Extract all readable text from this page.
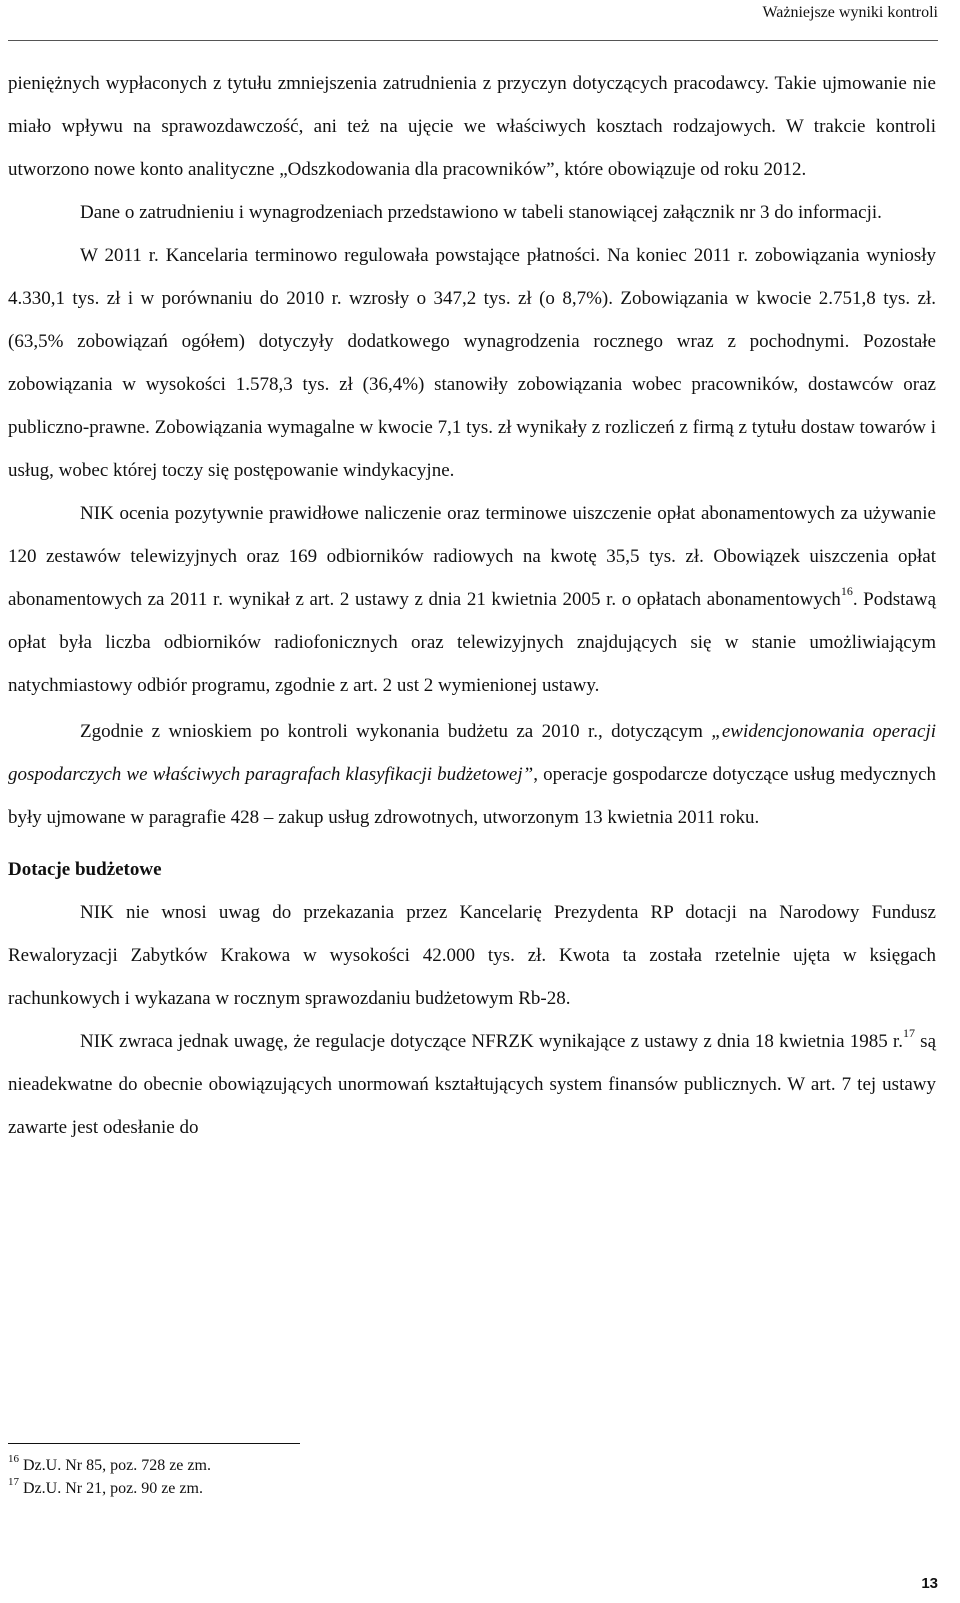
Ważniejsze wyniki kontroli

pieniężnych wypłaconych z tytułu zmniejszenia zatrudnienia z przyczyn dotyczących pracodawcy. Takie ujmowanie nie miało wpływu na sprawozdawczość, ani też na ujęcie we właściwych kosztach rodzajowych. W trakcie kontroli utworzono nowe konto analityczne „Odszkodowania dla pracowników”, które obowiązuje od roku 2012.

Dane o zatrudnieniu i wynagrodzeniach przedstawiono w tabeli stanowiącej załącznik nr 3 do informacji.

W 2011 r. Kancelaria terminowo regulowała powstające płatności. Na koniec 2011 r. zobowiązania wyniosły 4.330,1 tys. zł i w porównaniu do 2010 r. wzrosły o 347,2 tys. zł (o 8,7%). Zobowiązania w kwocie 2.751,8 tys. zł. (63,5% zobowiązań ogółem) dotyczyły dodatkowego wynagrodzenia rocznego wraz z pochodnymi. Pozostałe zobowiązania w wysokości 1.578,3 tys. zł (36,4%) stanowiły zobowiązania wobec pracowników, dostawców oraz publiczno-prawne. Zobowiązania wymagalne w kwocie 7,1 tys. zł wynikały z rozliczeń z firmą z tytułu dostaw towarów i usług, wobec której toczy się postępowanie windykacyjne.

NIK ocenia pozytywnie prawidłowe naliczenie oraz terminowe uiszczenie opłat abonamentowych za używanie 120 zestawów telewizyjnych oraz 169 odbiorników radiowych na kwotę 35,5 tys. zł. Obowiązek uiszczenia opłat abonamentowych za 2011 r. wynikał z art. 2 ustawy z dnia 21 kwietnia 2005 r. o opłatach abonamentowych$^{16}$. Podstawą opłat była liczba odbiorników radiofonicznych oraz telewizyjnych znajdujących się w stanie umożliwiającym natychmiastowy odbiór programu, zgodnie z art. 2 ust 2 wymienionej ustawy.

Zgodnie z wnioskiem po kontroli wykonania budżetu za 2010 r., dotyczącym „ewidencjonowania operacji gospodarczych we właściwych paragrafach klasyfikacji budżetowej”, operacje gospodarcze dotyczące usług medycznych były ujmowane w paragrafie 428 – zakup usług zdrowotnych, utworzonym 13 kwietnia 2011 roku.

Dotacje budżetowe

NIK nie wnosi uwag do przekazania przez Kancelarię Prezydenta RP dotacji na Narodowy Fundusz Rewaloryzacji Zabytków Krakowa w wysokości 42.000 tys. zł. Kwota ta została rzetelnie ujęta w księgach rachunkowych i wykazana w rocznym sprawozdaniu budżetowym Rb-28.

NIK zwraca jednak uwagę, że regulacje dotyczące NFRZK wynikające z ustawy z dnia 18 kwietnia 1985 r.$^{17}$ są nieadekwatne do obecnie obowiązujących unormowań kształtujących system finansów publicznych. W art. 7 tej ustawy zawarte jest odesłanie do

$^{16}$ Dz.U. Nr 85, poz. 728 ze zm.
$^{17}$ Dz.U. Nr 21, poz. 90 ze zm.
13
